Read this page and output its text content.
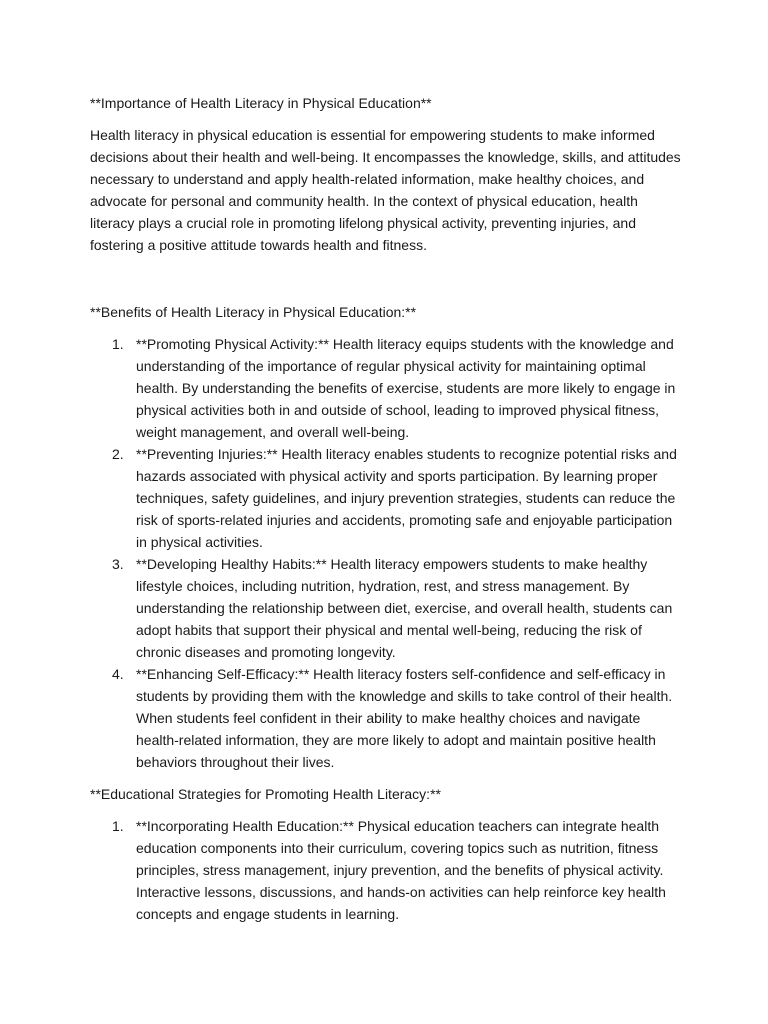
**Importance of Health Literacy in Physical Education**

Health literacy in physical education is essential for empowering students to make informed decisions about their health and well-being. It encompasses the knowledge, skills, and attitudes necessary to understand and apply health-related information, make healthy choices, and advocate for personal and community health. In the context of physical education, health literacy plays a crucial role in promoting lifelong physical activity, preventing injuries, and fostering a positive attitude towards health and fitness.

**Benefits of Health Literacy in Physical Education:**

1. **Promoting Physical Activity:** Health literacy equips students with the knowledge and understanding of the importance of regular physical activity for maintaining optimal health. By understanding the benefits of exercise, students are more likely to engage in physical activities both in and outside of school, leading to improved physical fitness, weight management, and overall well-being.
2. **Preventing Injuries:** Health literacy enables students to recognize potential risks and hazards associated with physical activity and sports participation. By learning proper techniques, safety guidelines, and injury prevention strategies, students can reduce the risk of sports-related injuries and accidents, promoting safe and enjoyable participation in physical activities.
3. **Developing Healthy Habits:** Health literacy empowers students to make healthy lifestyle choices, including nutrition, hydration, rest, and stress management. By understanding the relationship between diet, exercise, and overall health, students can adopt habits that support their physical and mental well-being, reducing the risk of chronic diseases and promoting longevity.
4. **Enhancing Self-Efficacy:** Health literacy fosters self-confidence and self-efficacy in students by providing them with the knowledge and skills to take control of their health. When students feel confident in their ability to make healthy choices and navigate health-related information, they are more likely to adopt and maintain positive health behaviors throughout their lives.

**Educational Strategies for Promoting Health Literacy:**

1. **Incorporating Health Education:** Physical education teachers can integrate health education components into their curriculum, covering topics such as nutrition, fitness principles, stress management, injury prevention, and the benefits of physical activity. Interactive lessons, discussions, and hands-on activities can help reinforce key health concepts and engage students in learning.
